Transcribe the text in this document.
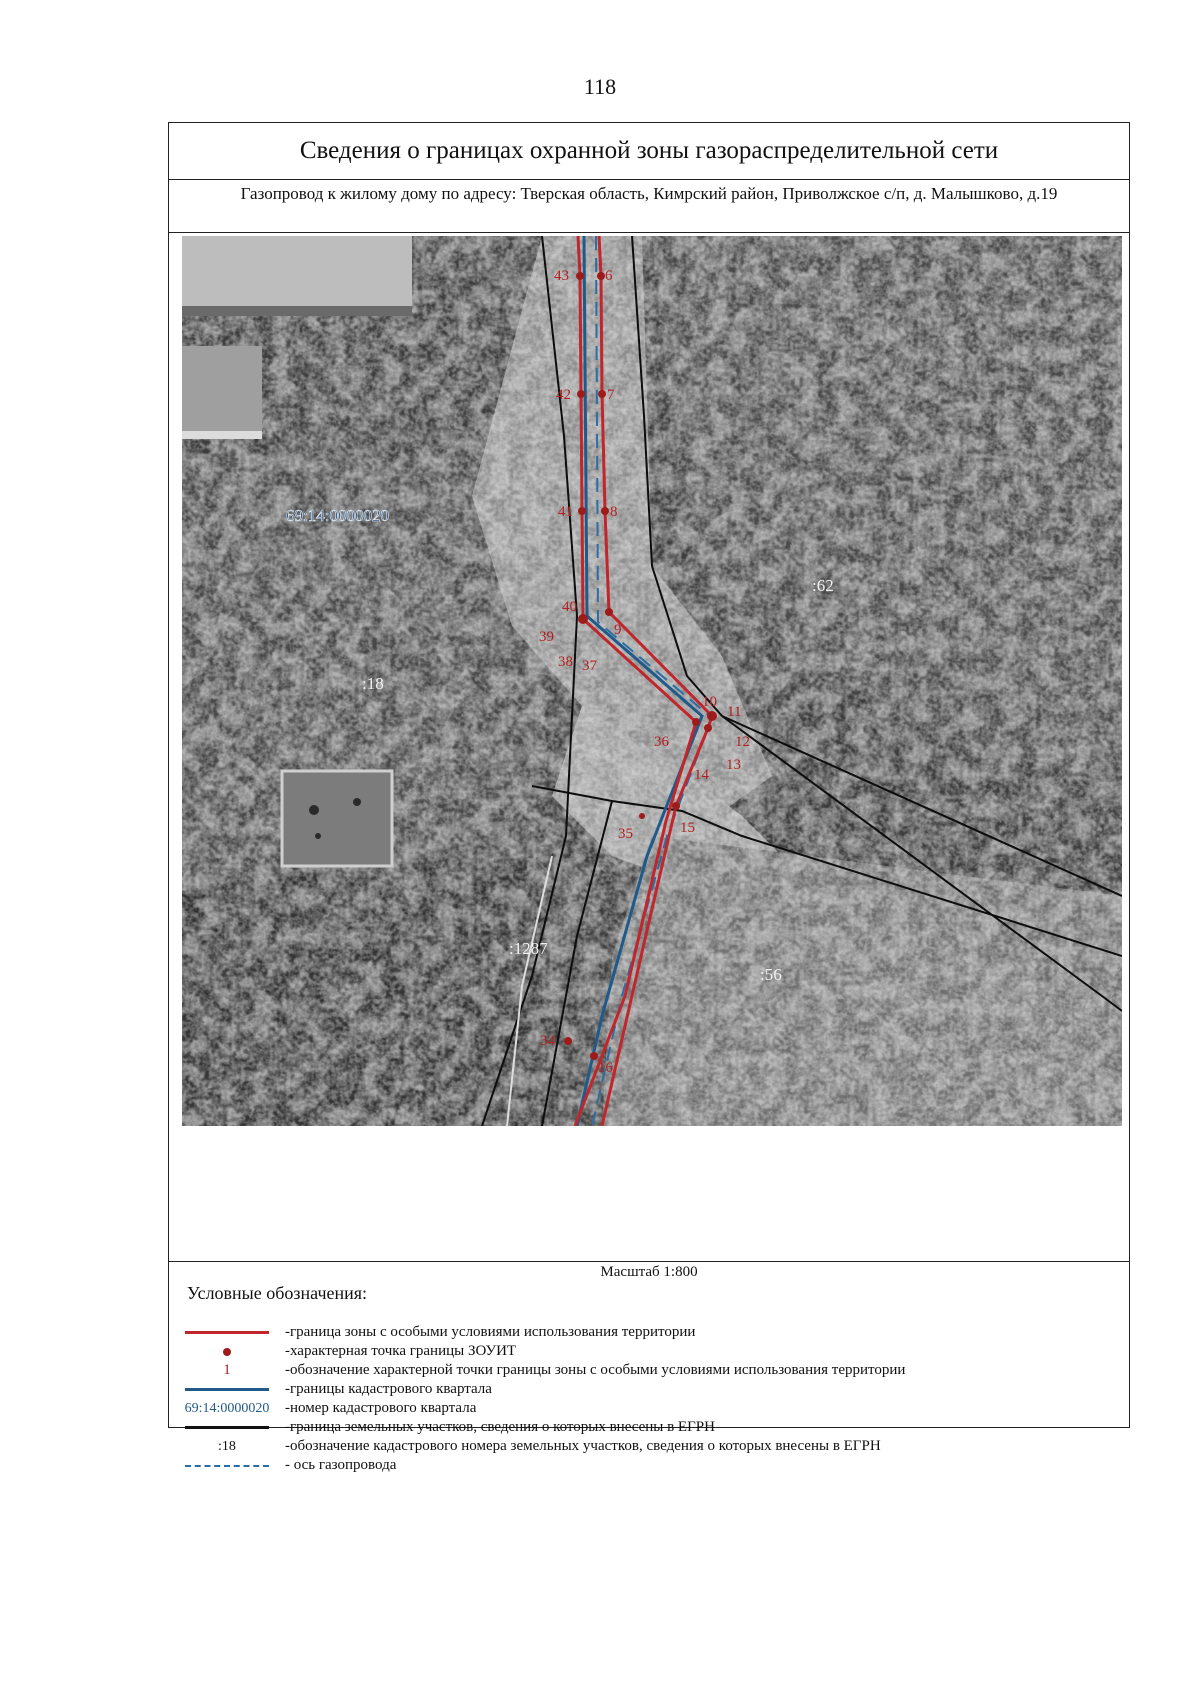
118
Сведения о границах охранной зоны газораспределительной сети
Газопровод к жилому дому по адресу: Тверская область, Кимрский район, Приволжское с/п, д. Малышково, д.19
Масштаб 1:800
Условные обозначения:
-граница зоны с особыми условиями использования территории
-характерная точка границы ЗОУИТ
1	-обозначение характерной точки границы зоны с особыми условиями использования территории
-границы кадастрового квартала
69:14:0000020 -номер кадастрового квартала
-граница земельных участков, сведения о которых внесены в ЕГРН
:18	-обозначение кадастрового номера земельных участков, сведения о которых внесены в ЕГРН
- ось газопровода
69:14:0000020
:62
:18
:56
:1287
43 6
42 7
41 8
40
9
39
38 37
10
11
12
13
14
36
35	15
34
16
